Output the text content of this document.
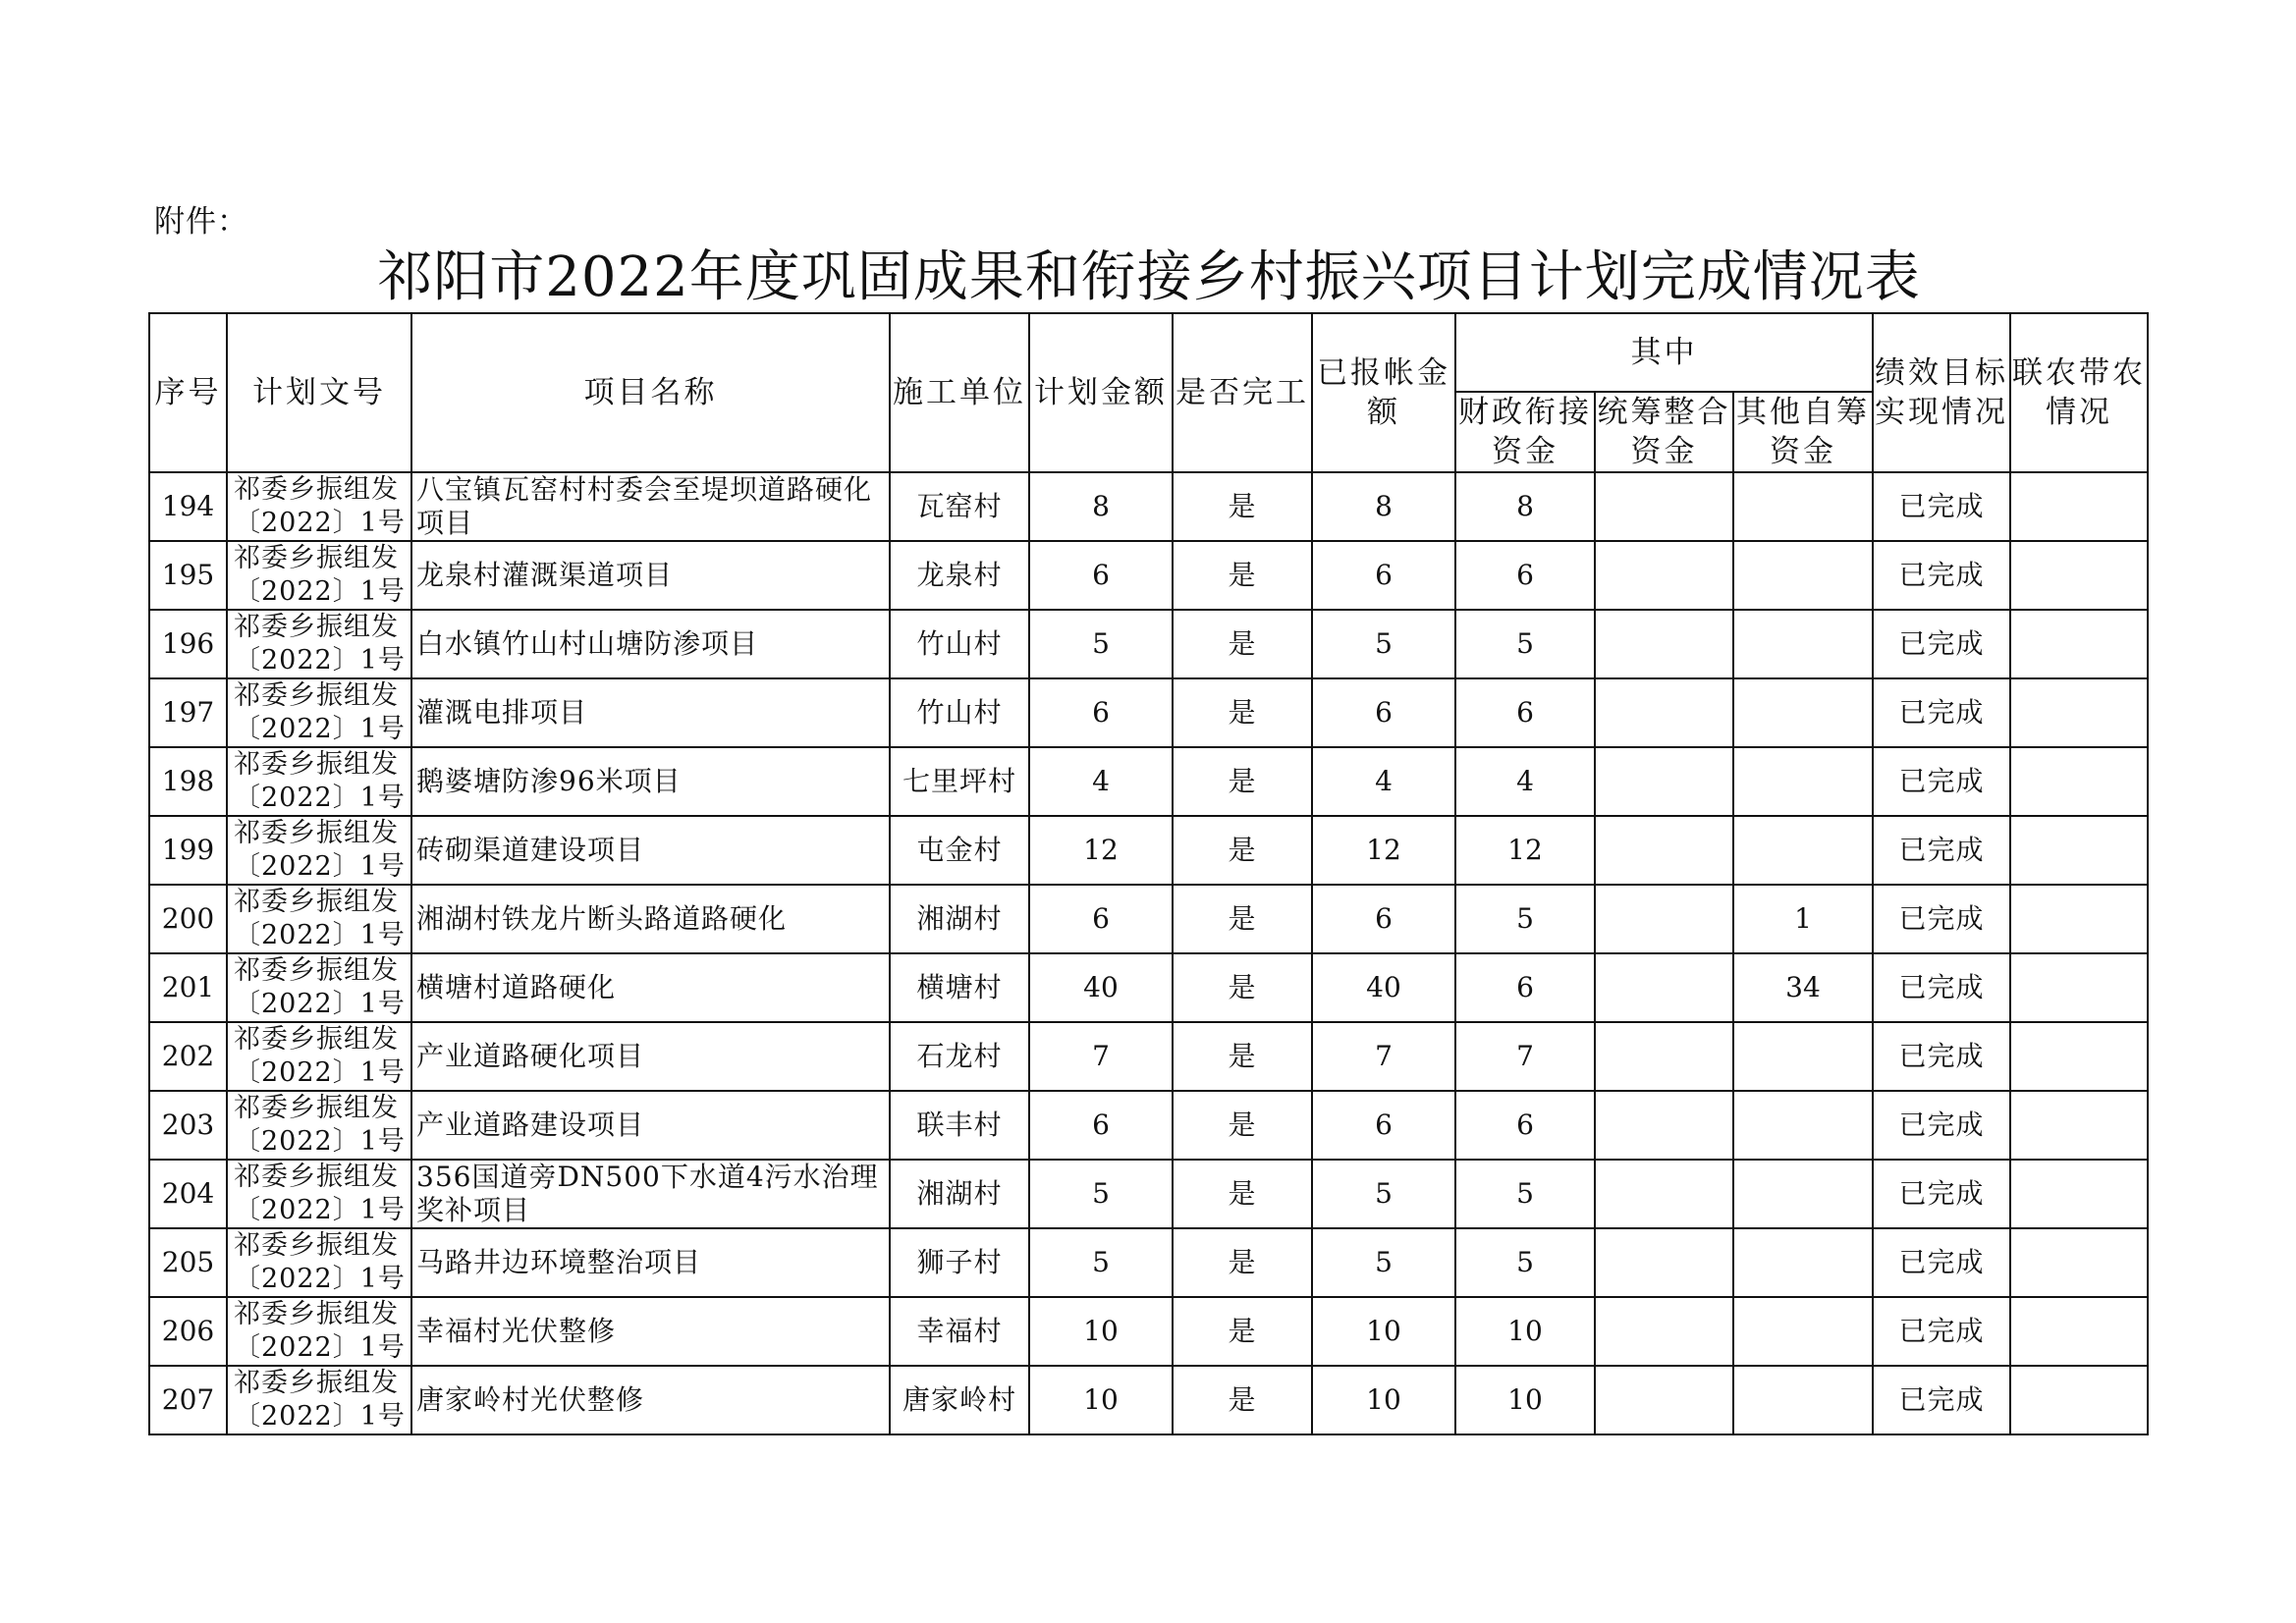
附件：
祁阳市2022年度巩固成果和衔接乡村振兴项目计划完成情况表
序号	计划文号	项目名称	施工单位	计划金额	是否完工	已报帐金额	其中			绩效目标实现情况	联农带农情况
							财政衔接资金	统筹整合资金	其他自筹资金		
194	祁委乡振组发〔2022〕1号	八宝镇瓦窑村村委会至堤坝道路硬化项目	瓦窑村	8	是	8	8			已完成	
195	祁委乡振组发〔2022〕1号	龙泉村灌溉渠道项目	龙泉村	6	是	6	6			已完成	
196	祁委乡振组发〔2022〕1号	白水镇竹山村山塘防渗项目	竹山村	5	是	5	5			已完成	
197	祁委乡振组发〔2022〕1号	灌溉电排项目	竹山村	6	是	6	6			已完成	
198	祁委乡振组发〔2022〕1号	鹅婆塘防渗96米项目	七里坪村	4	是	4	4			已完成	
199	祁委乡振组发〔2022〕1号	砖砌渠道建设项目	屯金村	12	是	12	12			已完成	
200	祁委乡振组发〔2022〕1号	湘湖村铁龙片断头路道路硬化	湘湖村	6	是	6	5		1	已完成	
201	祁委乡振组发〔2022〕1号	横塘村道路硬化	横塘村	40	是	40	6		34	已完成	
202	祁委乡振组发〔2022〕1号	产业道路硬化项目	石龙村	7	是	7	7			已完成	
203	祁委乡振组发〔2022〕1号	产业道路建设项目	联丰村	6	是	6	6			已完成	
204	祁委乡振组发〔2022〕1号	356国道旁DN500下水道4污水治理奖补项目	湘湖村	5	是	5	5			已完成	
205	祁委乡振组发〔2022〕1号	马路井边环境整治项目	狮子村	5	是	5	5			已完成	
206	祁委乡振组发〔2022〕1号	幸福村光伏整修	幸福村	10	是	10	10			已完成	
207	祁委乡振组发〔2022〕1号	唐家岭村光伏整修	唐家岭村	10	是	10	10			已完成	
